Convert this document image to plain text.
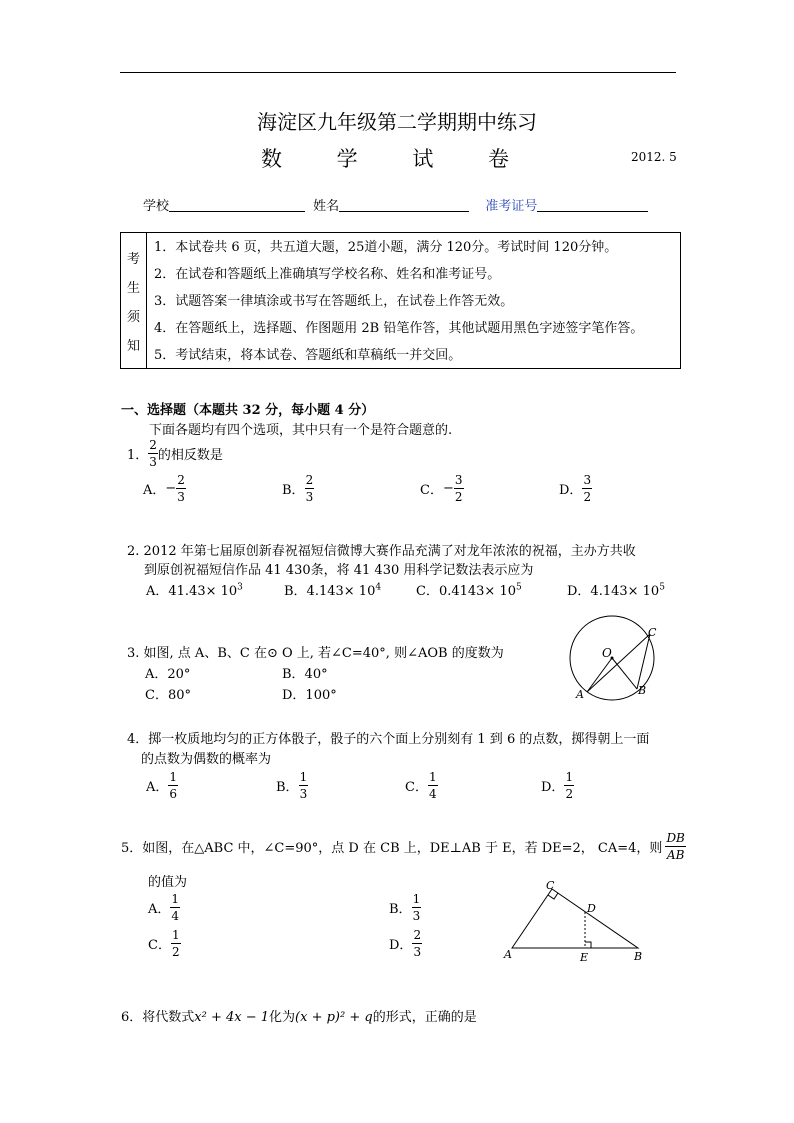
海淀区九年级第二学期期中练习
数 学 试 卷	2012. 5
学校	姓名	准考证号
考
生
须
知
1．本试卷共 6 页，共五道大题，25道小题，满分 120分。考试时间 120分钟。
2．在试卷和答题纸上准确填写学校名称、姓名和准考证号。
3．试题答案一律填涂或书写在答题纸上，在试卷上作答无效。
4．在答题纸上，选择题、作图题用 2B 铅笔作答，其他试题用黑色字迹签字笔作答。
5．考试结束，将本试卷、答题纸和草稿纸一并交回。
一、选择题（本题共 32 分，每小题 4 分）
下面各题均有四个选项，其中只有一个是符合题意的.
1． $\frac{2}{3}$ 的相反数是
A． − $\frac{2}{3}$	B． $\frac{2}{3}$	C． − $\frac{3}{2}$	D． $\frac{3}{2}$
2. 2012 年第七届原创新春祝福短信微博大赛作品充满了对龙年浓浓的祝福，主办方共收
到原创祝福短信作品 41 430条，将 41 430 用科学记数法表示应为
A．$41.43\times 10^3$	B．$4.143\times 10^4$	C．$0.4143\times 10^5$	D．$4.143\times 10^5$
3. 如图, 点 A、B、C 在⊙ O 上, 若∠C=40°, 则∠AOB 的度数为
A．20°	B．40°
C．80°	D．100°
O
A	B
C
4．掷一枚质地均匀的正方体骰子，骰子的六个面上分别刻有 1 到 6 的点数，掷得朝上一面
的点数为偶数的概率为
A． $\frac{1}{6}$	B． $\frac{1}{3}$	C． $\frac{1}{4}$	D． $\frac{1}{2}$
5．如图，在△ABC 中，∠C=90°，点 D 在 CB 上，DE⊥AB 于 E，若 DE=2， CA=4，则 $\frac{DB}{AB}$
的值为
A． $\frac{1}{4}$	B． $\frac{1}{3}$
C． $\frac{1}{2}$	D． $\frac{2}{3}$
C
D
A	E	B
6．将代数式x² + 4x − 1化为(x + p)² + q的形式，正确的是
